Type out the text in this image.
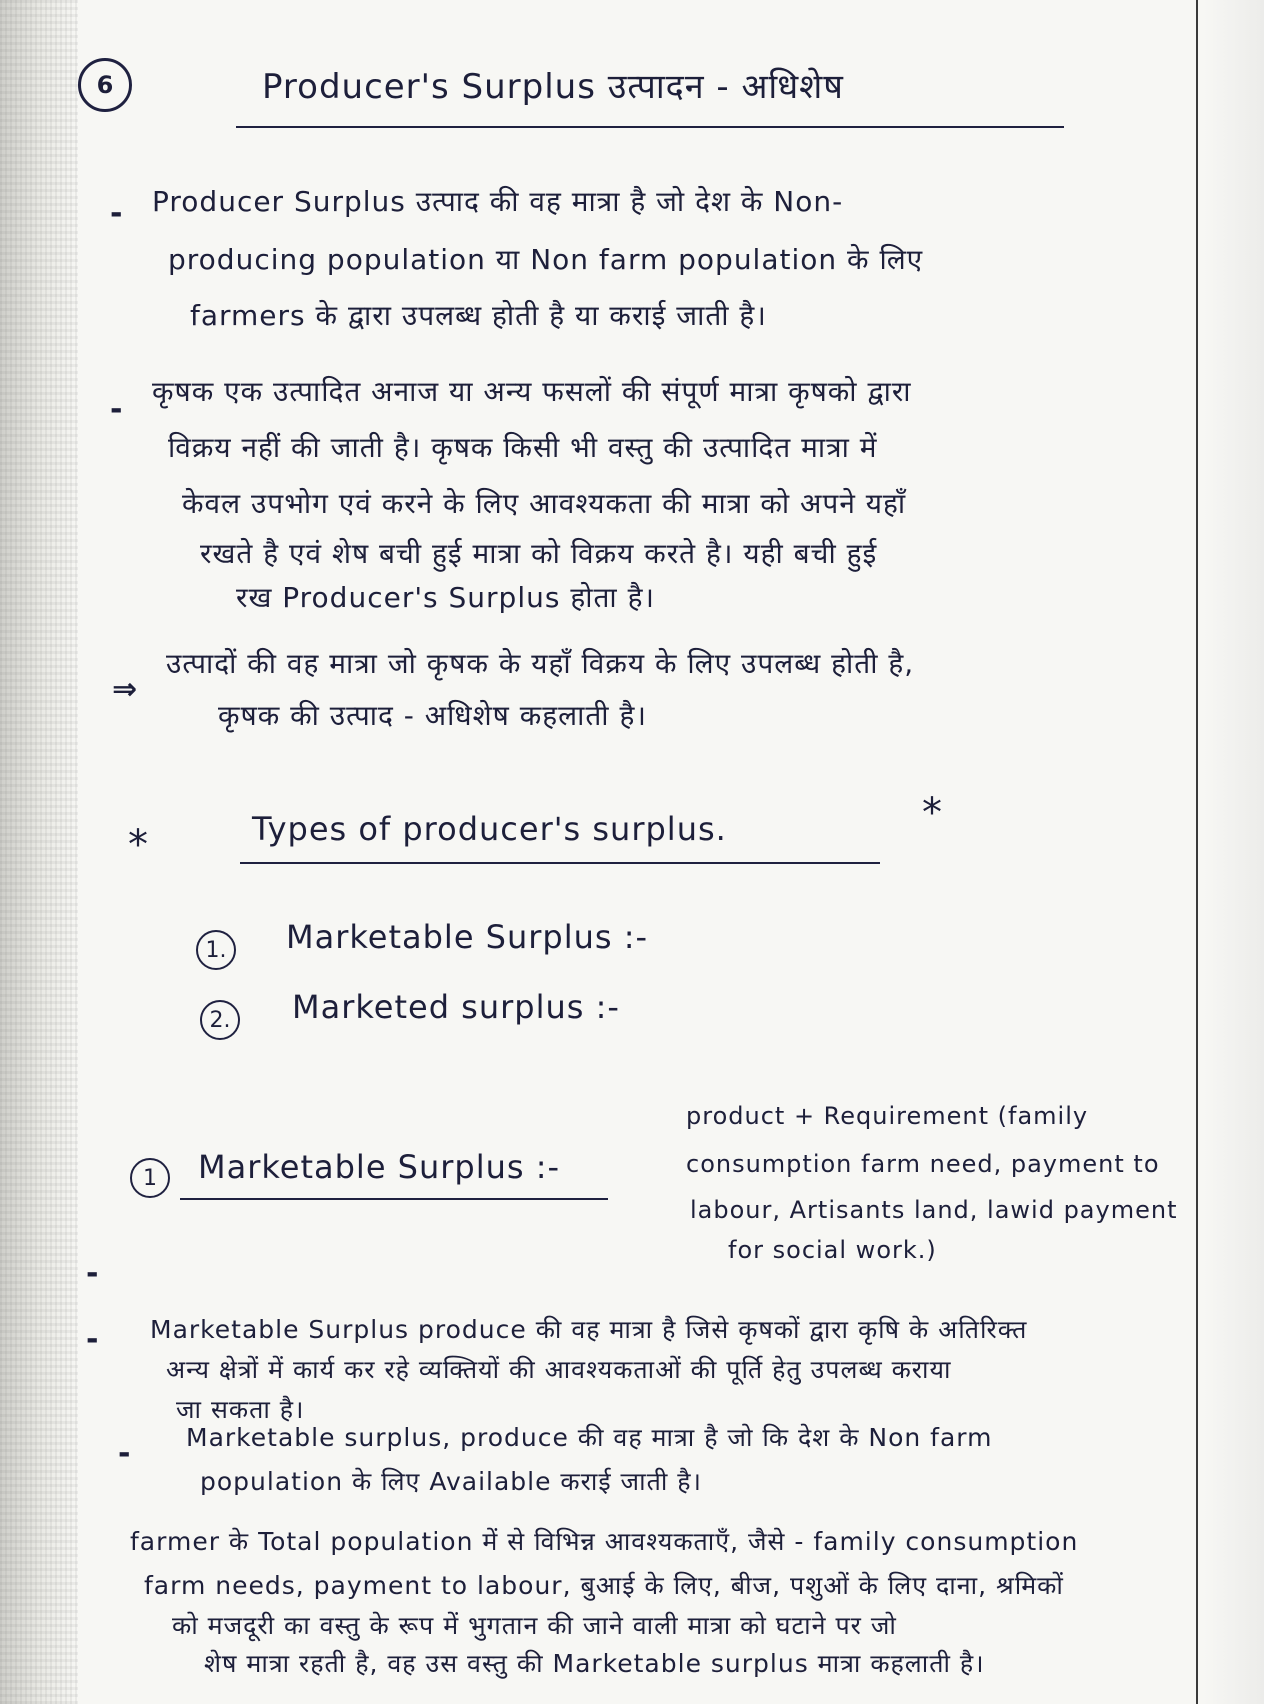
6	Producer's Surplus उत्पादन - अधिशेष

- Producer Surplus उत्पाद की वह मात्रा है जो देश के Non-

producing population या Non farm population के लिए

farmers के द्वारा उपलब्ध होती है या कराई जाती है।

-

कृषक एक उत्पादित अनाज या अन्य फसलों की संपूर्ण मात्रा कृषको द्वारा

विक्रय नहीं की जाती है। कृषक किसी भी वस्तु की उत्पादित मात्रा में

केवल उपभोग एवं करने के लिए आवश्यकता की मात्रा को अपने यहाँ

रखते है एवं शेष बची हुई मात्रा को विक्रय करते है। यही बची हुई

रख Producer's Surplus होता है।

⇒

उत्पादों की वह मात्रा जो कृषक के यहाँ विक्रय के लिए उपलब्ध होती है,

कृषक की उत्पाद - अधिशेष कहलाती है।

*	Types of producer's surplus.	*
1. Marketable Surplus :-

2. Marketed surplus :-

1 Marketable Surplus :-

product + Requirement (family

consumption farm need, payment to

labour, Artisants land, lawid payment

for social work.)

-
-
-

Marketable Surplus produce की वह मात्रा है जिसे कृषकों द्वारा कृषि के अतिरिक्त

अन्य क्षेत्रों में कार्य कर रहे व्यक्तियों की आवश्यकताओं की पूर्ति हेतु उपलब्ध कराया

जा सकता है।

Marketable surplus, produce की वह मात्रा है जो कि देश के Non farm

population के लिए Available कराई जाती है।

farmer के Total population में से विभिन्न आवश्यकताएँ, जैसे - family consumption

farm needs, payment to labour, बुआई के लिए, बीज, पशुओं के लिए दाना, श्रमिकों

को मजदूरी का वस्तु के रूप में भुगतान की जाने वाली मात्रा को घटाने पर जो

शेष मात्रा रहती है, वह उस वस्तु की Marketable surplus मात्रा कहलाती है।
